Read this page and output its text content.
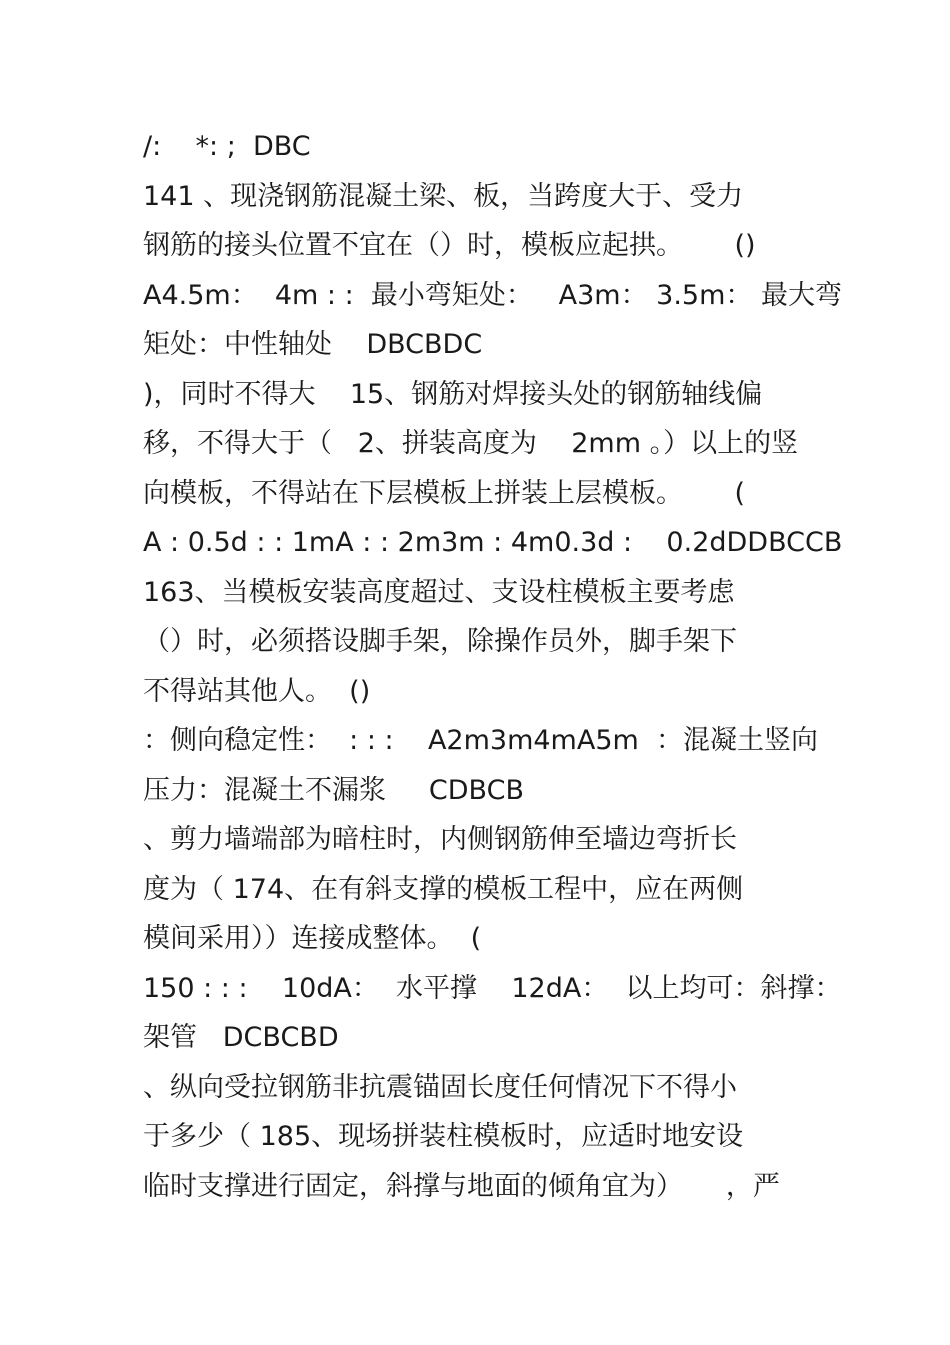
/:    *: ;  DBC
141 、现浇钢筋混凝土梁、板，当跨度大于、受力
钢筋的接头位置不宜在（）时，模板应起拱。      ()
A4.5m：  4m : :  最小弯矩处：   A3m： 3.5m： 最大弯
矩处：中性轴处    DBCBDC
)，同时不得大    15、钢筋对焊接头处的钢筋轴线偏
移，不得大于（   2、拼装高度为    2mm 。）以上的竖
向模板，不得站在下层模板上拼装上层模板。      (
A : 0.5d : : 1mA : : 2m3m : 4m0.3d :    0.2dDDBCCB
163、当模板安装高度超过、支设柱模板主要考虑
（）时，必须搭设脚手架，除操作员外，脚手架下
不得站其他人。  ()
：侧向稳定性：  : : :    A2m3m4mA5m  ：混凝土竖向
压力：混凝土不漏浆     CDBCB
、剪力墙端部为暗柱时，内侧钢筋伸至墙边弯折长
度为（ 174、在有斜支撑的模板工程中，应在两侧
模间采用））连接成整体。  (
150 : : :    10dA：  水平撑    12dA：  以上均可：斜撑：
架管   DCBCBD
、纵向受拉钢筋非抗震锚固长度任何情况下不得小
于多少（ 185、现场拼装柱模板时，应适时地安设
临时支撑进行固定，斜撑与地面的倾角宜为）     ，严
